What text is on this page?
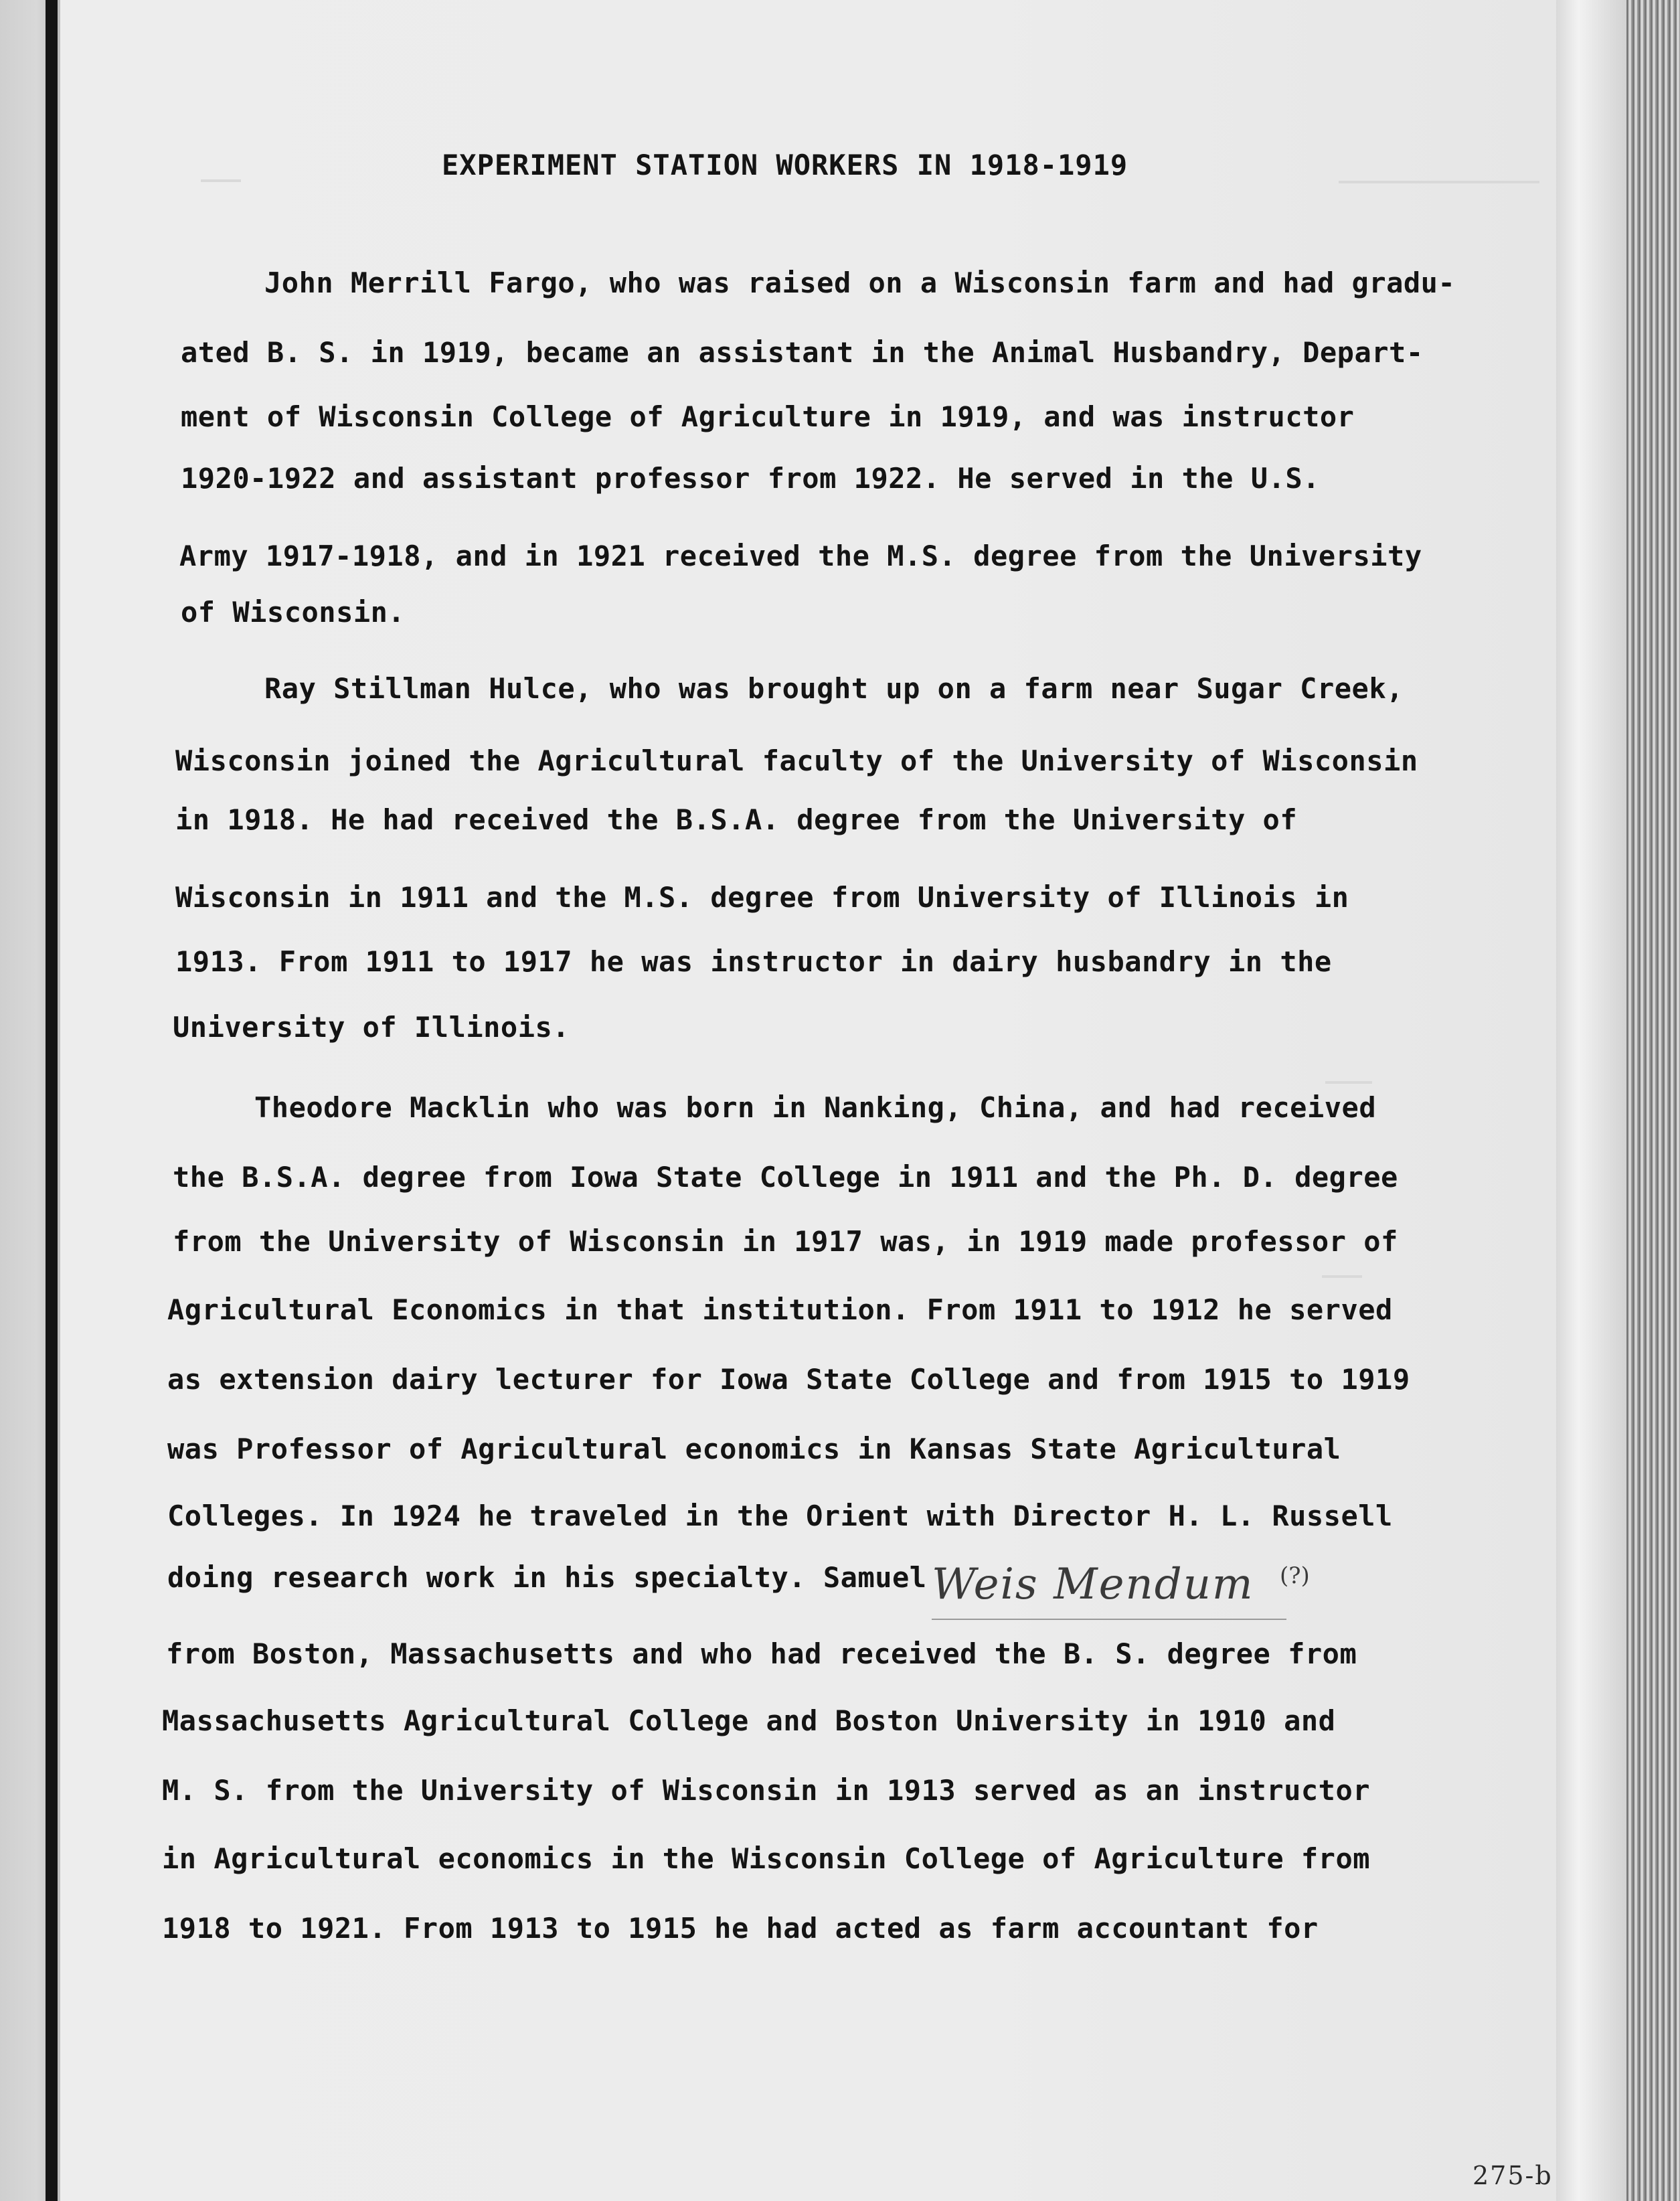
EXPERIMENT STATION WORKERS IN 1918-1919
John Merrill Fargo, who was raised on a Wisconsin farm and had gradu-
ated B. S. in 1919, became an assistant in the Animal Husbandry, Depart-
ment of Wisconsin College of Agriculture in 1919, and was instructor
1920-1922 and assistant professor from 1922. He served in the U.S.
Army 1917-1918, and in 1921 received the M.S. degree from the University
of Wisconsin.
Ray Stillman Hulce, who was brought up on a farm near Sugar Creek,
Wisconsin joined the Agricultural faculty of the University of Wisconsin
in 1918. He had received the B.S.A. degree from the University of
Wisconsin in 1911 and the M.S. degree from University of Illinois in
1913. From 1911 to 1917 he was instructor in dairy husbandry in the
University of Illinois.
Theodore Macklin who was born in Nanking, China, and had received
the B.S.A. degree from Iowa State College in 1911 and the Ph. D. degree
from the University of Wisconsin in 1917 was, in 1919 made professor of
Agricultural Economics in that institution. From 1911 to 1912 he served
as extension dairy lecturer for Iowa State College and from 1915 to 1919
was Professor of Agricultural economics in Kansas State Agricultural
Colleges. In 1924 he traveled in the Orient with Director H. L. Russell
doing research work in his specialty. Samuel Weis Mendum (?)
from Boston, Massachusetts and who had received the B. S. degree from
Massachusetts Agricultural College and Boston University in 1910 and
M. S. from the University of Wisconsin in 1913 served as an instructor
in Agricultural economics in the Wisconsin College of Agriculture from
1918 to 1921. From 1913 to 1915 he had acted as farm accountant for
275-b
